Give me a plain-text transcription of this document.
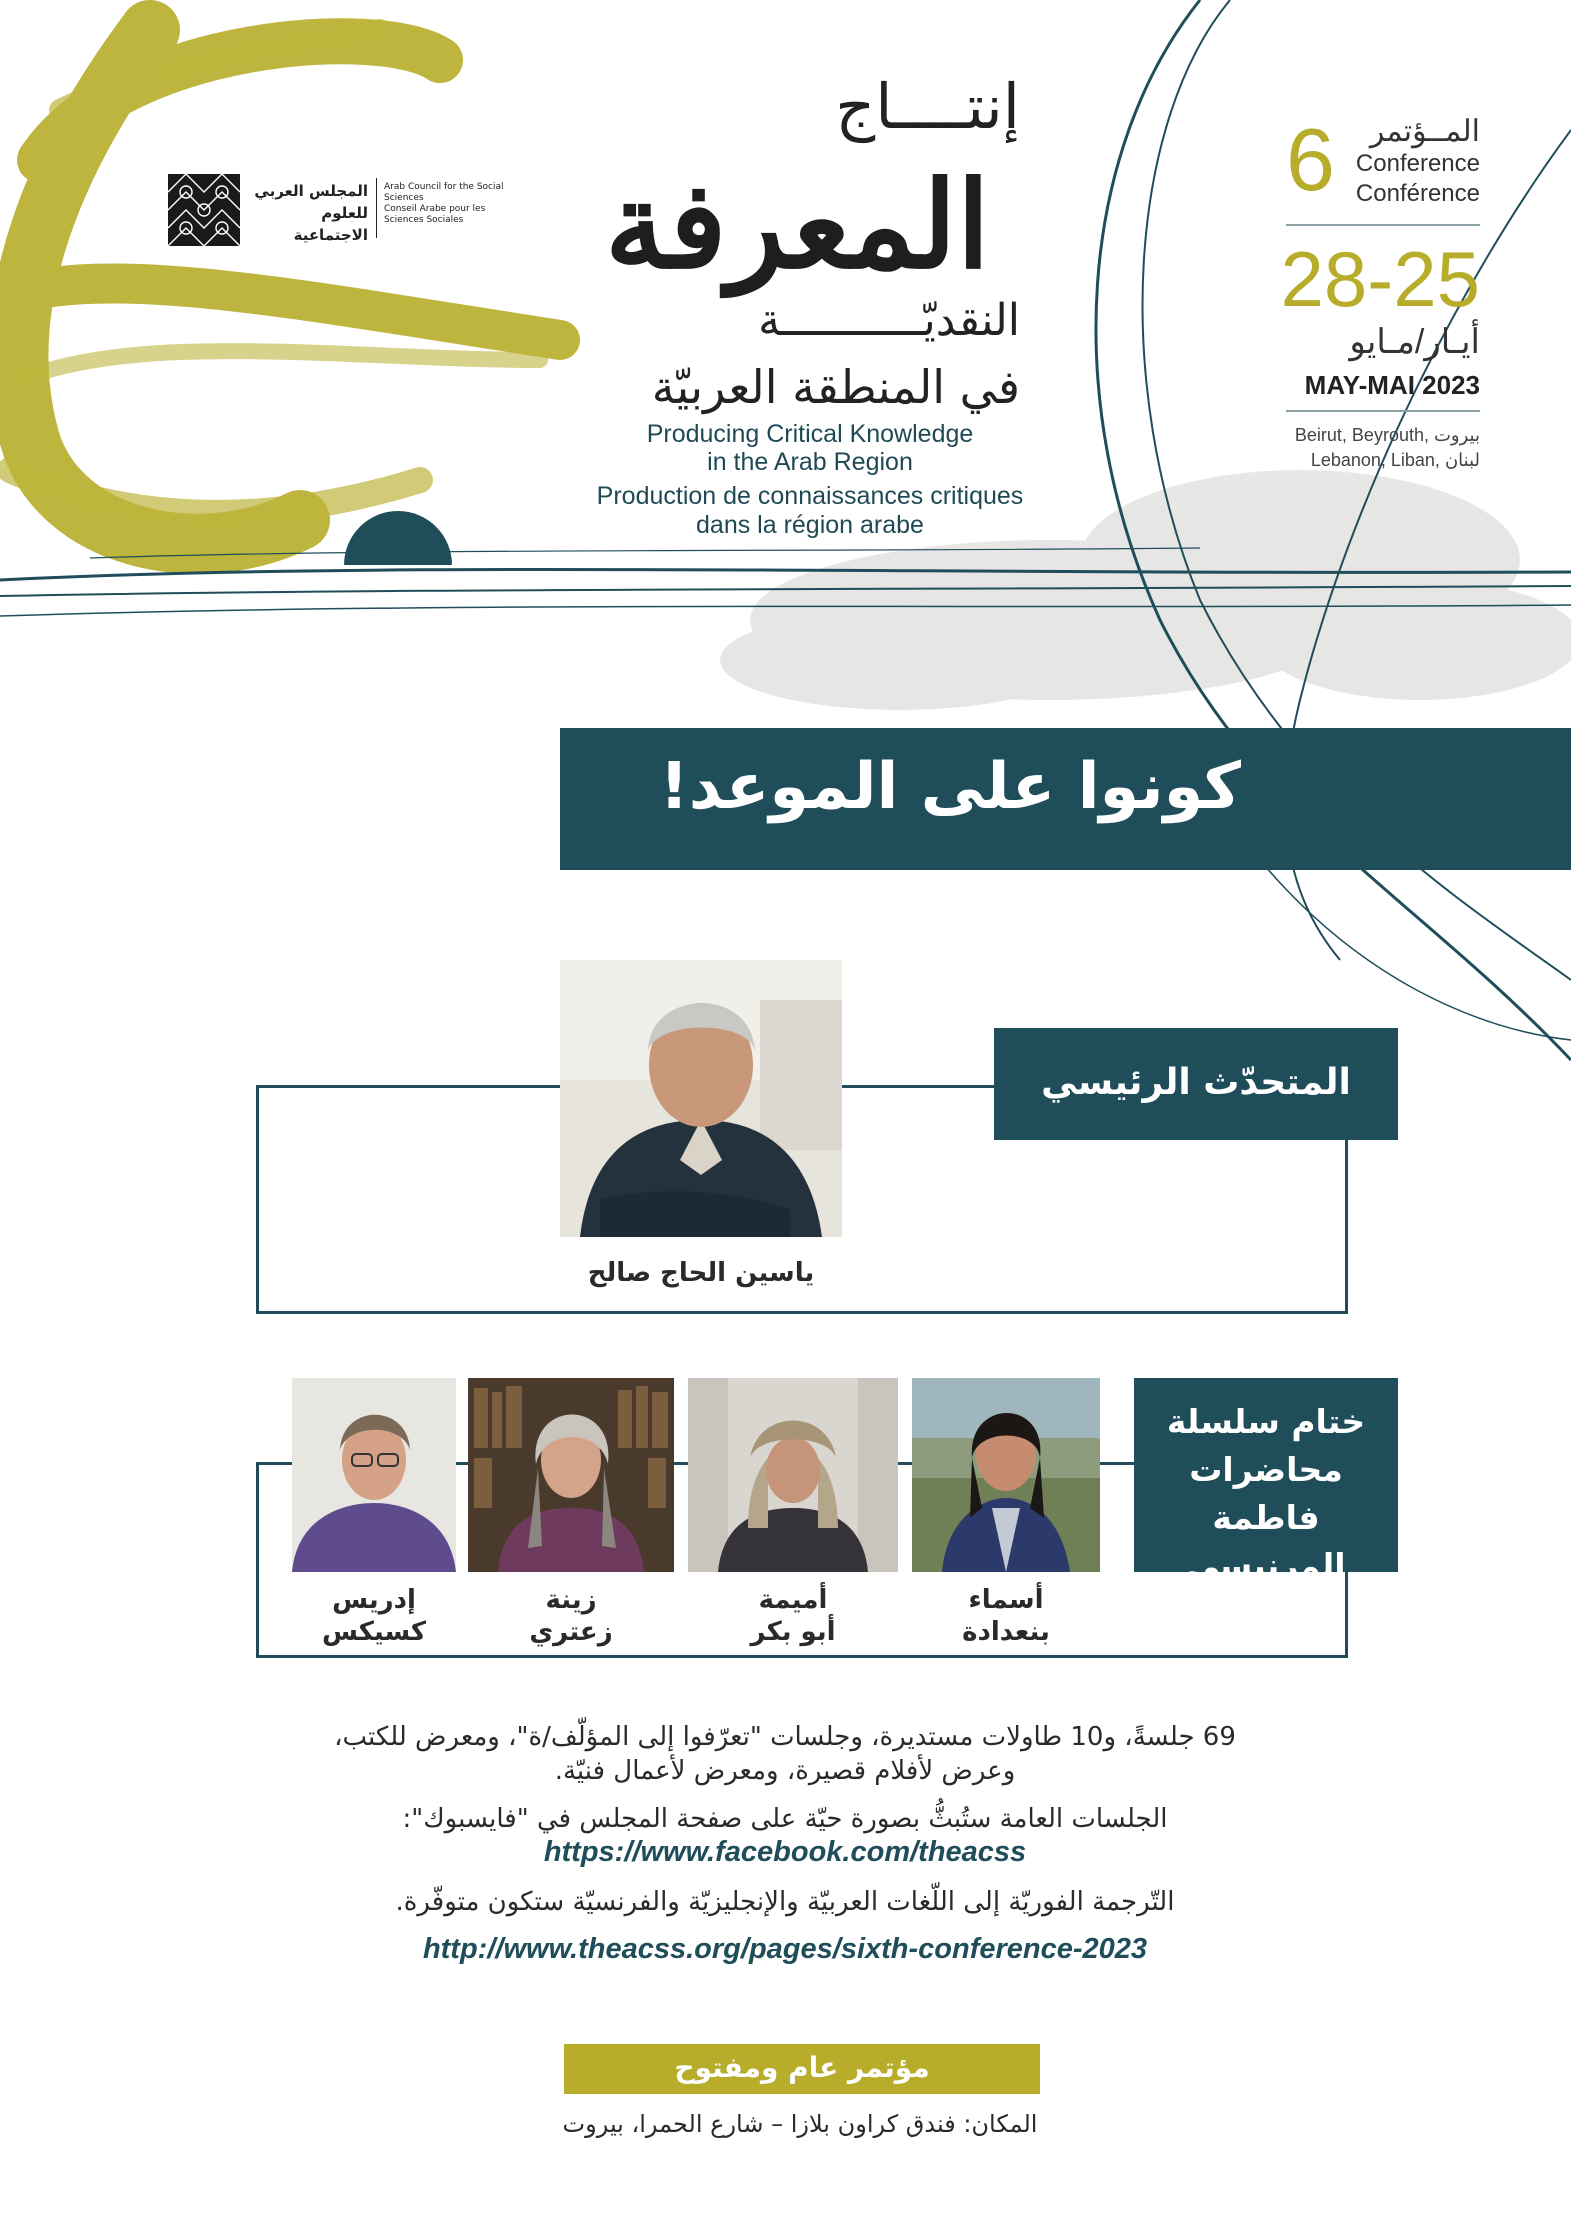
المجلس العربي للعلوم الاجتماعية
Arab Council for the Social Sciences
Conseil Arabe pour les Sciences Sociales
إنتــــاج
المعرفة
النقديّـــــــــــة
في المنطقة العربيّة
Producing Critical Knowledge
in the Arab Region
Production de connaissances critiques
dans la région arabe
6 المــؤتمر
Conference
Conférence
28-25
أيـار/مـايو
MAY-MAI 2023
Beirut, Beyrouth, بيروت
Lebanon, Liban, لبنان
كونوا على الموعد!
المتحدّث الرئيسي
ياسين الحاج صالح
ختام سلسلة محاضرات فاطمة المرنيسي
أسماء
بنعدادة
أميمة
أبو بكر
زينة
زعتري
إدريس
كسيكس
69 جلسةً، و10 طاولات مستديرة، وجلسات "تعرّفوا إلى المؤلّف/ة"، ومعرض للكتب،
وعرض لأفلام قصيرة، ومعرض لأعمال فنيّة.
الجلسات العامة ستُبثُّ بصورة حيّة على صفحة المجلس في "فايسبوك":
https://www.facebook.com/theacss
التّرجمة الفوريّة إلى اللّغات العربيّة والإنجليزيّة والفرنسيّة ستكون متوفّرة.
http://www.theacss.org/pages/sixth-conference-2023
مؤتمر عام ومفتوح
المكان: فندق كراون بلازا – شارع الحمرا، بيروت
